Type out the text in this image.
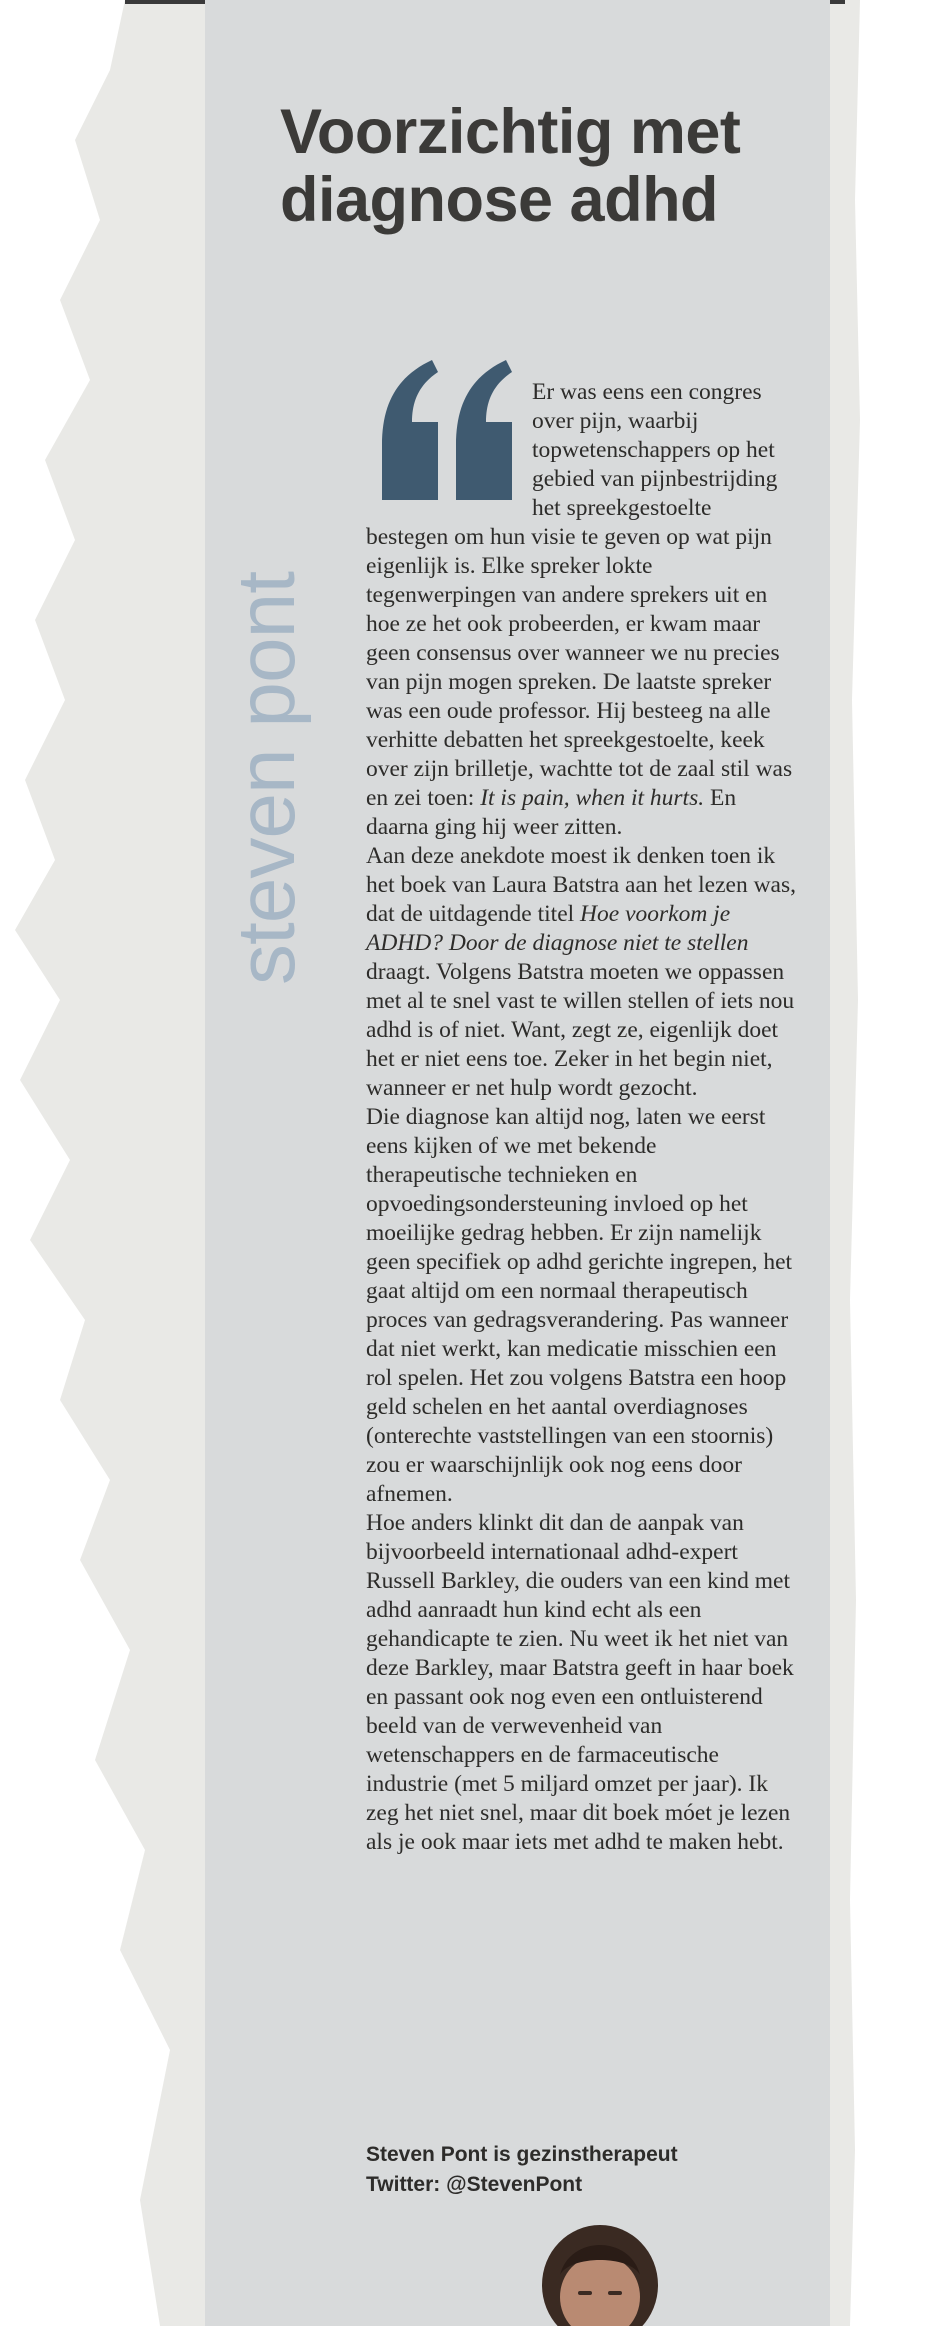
Voorzichtig met diagnose adhd
steven pont

Er was eens een congres over pijn, waarbij topwetenschappers op het gebied van pijnbestrijding het spreekgestoelte bestegen om hun visie te geven op wat pijn eigenlijk is. Elke spreker lokte tegenwerpingen van andere sprekers uit en hoe ze het ook probeerden, er kwam maar geen consensus over wanneer we nu precies van pijn mogen spreken. De laatste spreker was een oude professor. Hij besteeg na alle verhitte debatten het spreekgestoelte, keek over zijn brilletje, wachtte tot de zaal stil was en zei toen: It is pain, when it hurts. En daarna ging hij weer zitten.

Aan deze anekdote moest ik denken toen ik het boek van Laura Batstra aan het lezen was, dat de uitdagende titel Hoe voorkom je ADHD? Door de diagnose niet te stellen draagt. Volgens Batstra moeten we oppassen met al te snel vast te willen stellen of iets nou adhd is of niet. Want, zegt ze, eigenlijk doet het er niet eens toe. Zeker in het begin niet, wanneer er net hulp wordt gezocht.

Die diagnose kan altijd nog, laten we eerst eens kijken of we met bekende therapeutische technieken en opvoedingsondersteuning invloed op het moeilijke gedrag hebben. Er zijn namelijk geen specifiek op adhd gerichte ingrepen, het gaat altijd om een normaal therapeutisch proces van gedragsverandering. Pas wanneer dat niet werkt, kan medicatie misschien een rol spelen. Het zou volgens Batstra een hoop geld schelen en het aantal overdiagnoses (onterechte vaststellingen van een stoornis) zou er waarschijnlijk ook nog eens door afnemen.

Hoe anders klinkt dit dan de aanpak van bijvoorbeeld internationaal adhd-expert Russell Barkley, die ouders van een kind met adhd aanraadt hun kind echt als een gehandicapte te zien. Nu weet ik het niet van deze Barkley, maar Batstra geeft in haar boek en passant ook nog even een ontluisterend beeld van de verwevenheid van wetenschappers en de farmaceutische industrie (met 5 miljard omzet per jaar). Ik zeg het niet snel, maar dit boek móet je lezen als je ook maar iets met adhd te maken hebt.

Steven Pont is gezinstherapeut
Twitter: @StevenPont
